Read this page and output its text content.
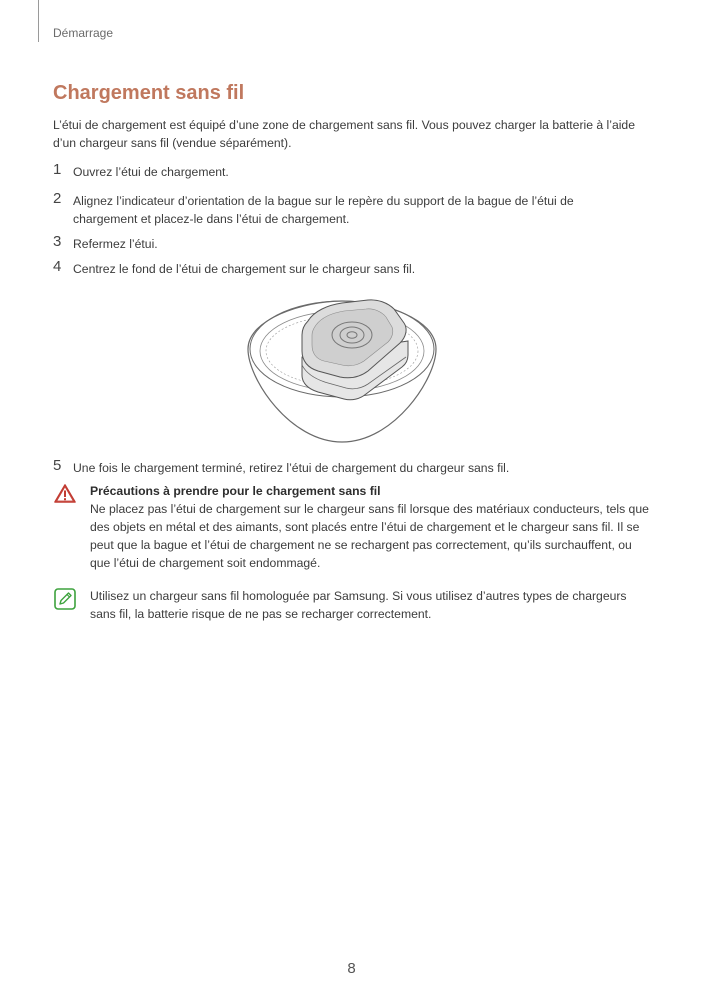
Démarrage
Chargement sans fil

L’étui de chargement est équipé d’une zone de chargement sans fil. Vous pouvez charger la batterie à l’aide d’un chargeur sans fil (vendue séparément).

1 Ouvrez l’étui de chargement.
2 Alignez l’indicateur d’orientation de la bague sur le repère du support de la bague de l’étui de chargement et placez-le dans l’étui de chargement.
3 Refermez l’étui.
4 Centrez le fond de l’étui de chargement sur le chargeur sans fil.
5 Une fois le chargement terminé, retirez l’étui de chargement du chargeur sans fil.
Précautions à prendre pour le chargement sans fil
Ne placez pas l’étui de chargement sur le chargeur sans fil lorsque des matériaux conducteurs, tels que des objets en métal et des aimants, sont placés entre l’étui de chargement et le chargeur sans fil. Il se peut que la bague et l’étui de chargement ne se rechargent pas correctement, qu’ils surchauffent, ou que l’étui de chargement soit endommagé.
Utilisez un chargeur sans fil homologuée par Samsung. Si vous utilisez d’autres types de chargeurs sans fil, la batterie risque de ne pas se recharger correctement.
8
